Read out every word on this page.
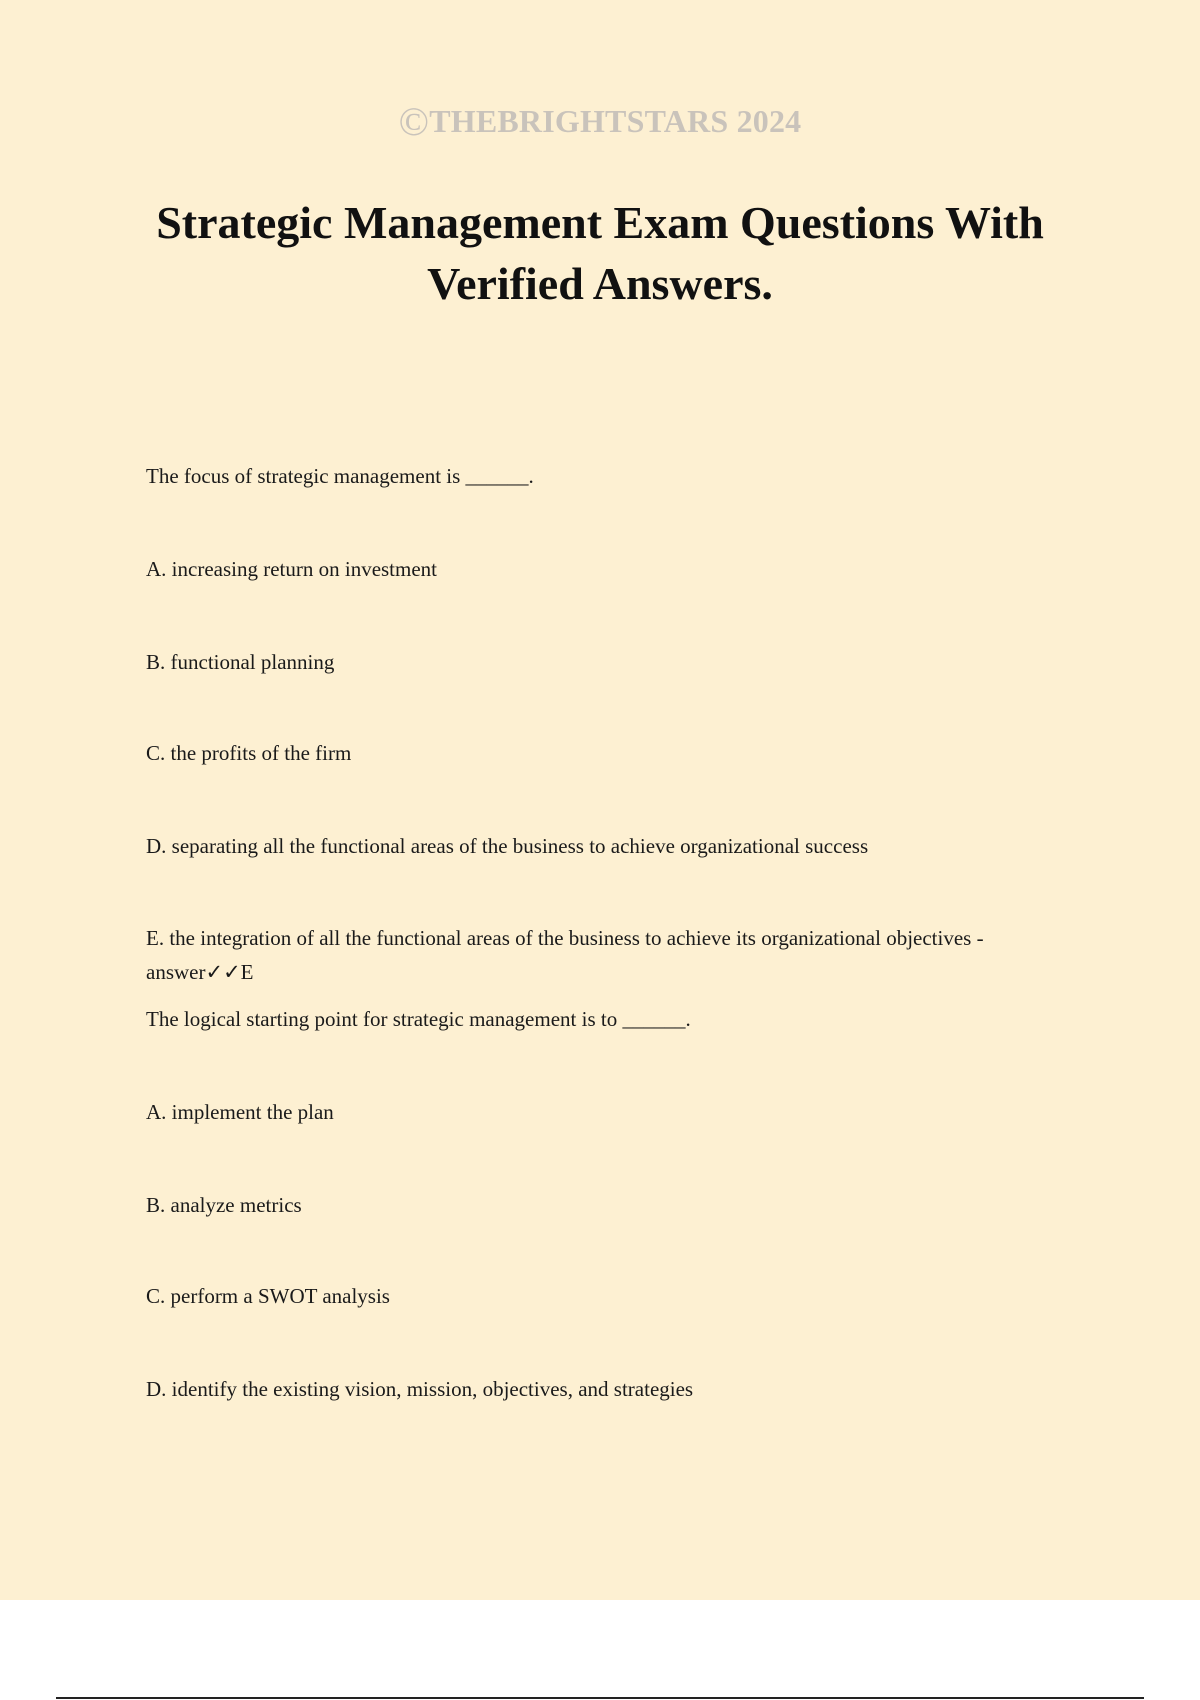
©THEBRIGHTSTARS 2024
Strategic Management Exam Questions With Verified Answers.

The focus of strategic management is ______.

A. increasing return on investment

B. functional planning

C. the profits of the firm

D. separating all the functional areas of the business to achieve organizational success

E. the integration of all the functional areas of the business to achieve its organizational objectives - answer✓✓E

The logical starting point for strategic management is to ______.

A. implement the plan

B. analyze metrics

C. perform a SWOT analysis

D. identify the existing vision, mission, objectives, and strategies
